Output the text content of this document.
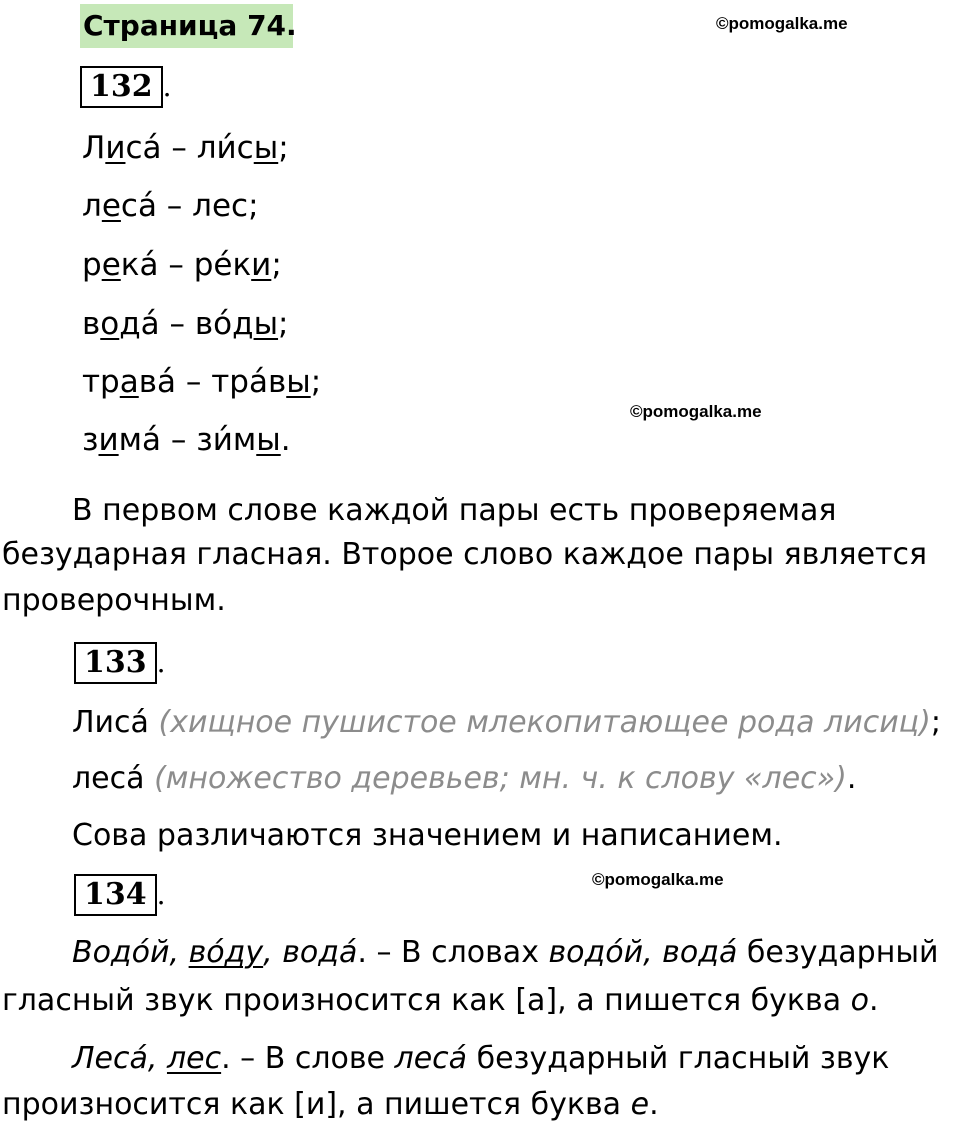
Страница 74.	©pomogalka.me
132 .
Лиса́ – ли́сы;
леса́ – лес;
река́ – ре́ки;
вода́ – во́ды;
трава́ – тра́вы;
зима́ – зи́мы.
©pomogalka.me
В первом слове каждой пары есть проверяемая
безударная гласная. Второе слово каждое пары является
проверочным.
133 .
Лиса́ (хищное пушистое млекопитающее рода лисиц);
леса́ (множество деревьев; мн. ч. к слову «лес»).
Сова различаются значением и написанием.
134 .	©pomogalka.me
Водо́й, во́ду, вода́. – В словах водо́й, вода́ безударный
гласный звук произносится как [а], а пишется буква о.
Леса́, лес. – В слове леса́ безударный гласный звук
произносится как [и], а пишется буква е.
